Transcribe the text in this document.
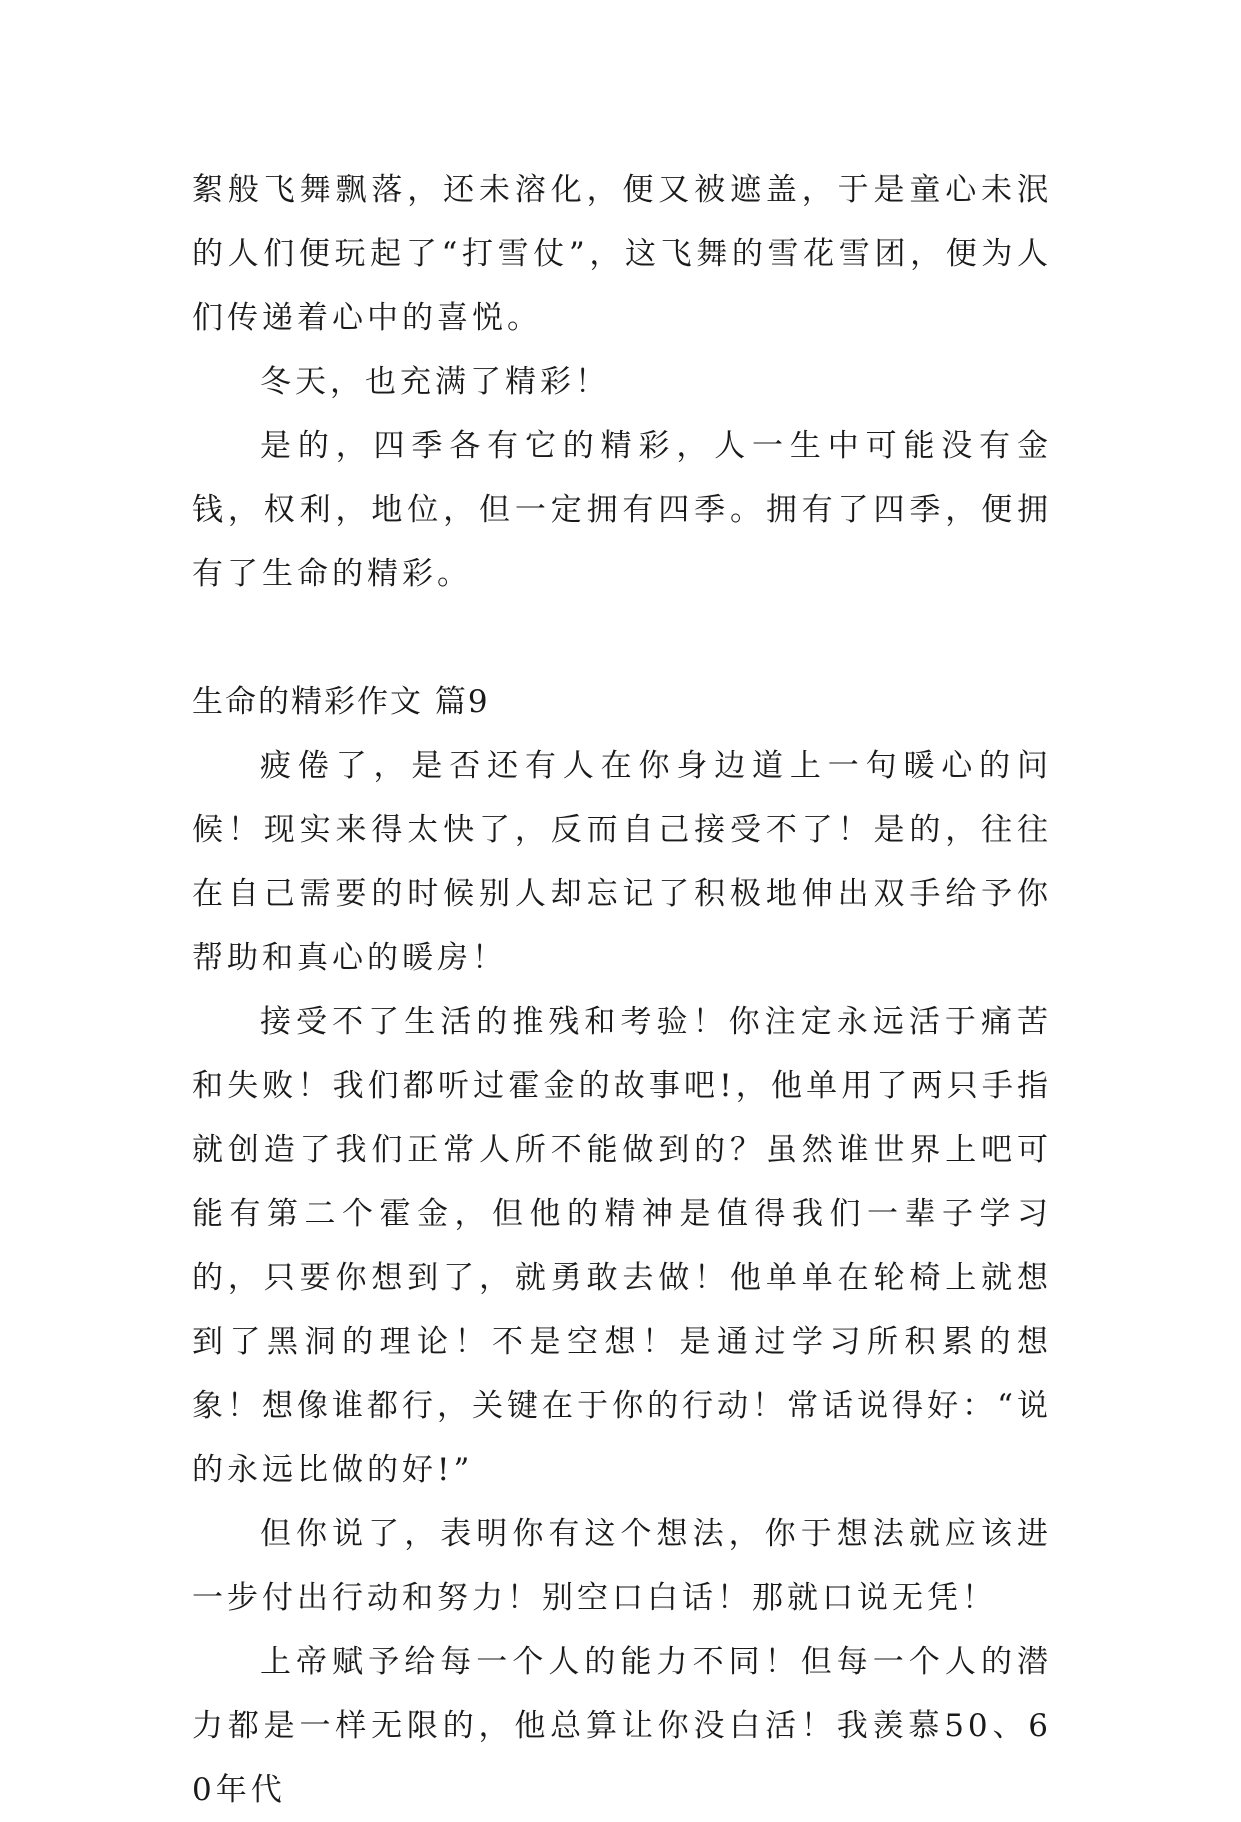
絮般飞舞飘落，还未溶化，便又被遮盖，于是童心未泯的人们便玩起了“打雪仗”，这飞舞的雪花雪团，便为人们传递着心中的喜悦。

冬天，也充满了精彩！

是的，四季各有它的精彩，人一生中可能没有金钱，权利，地位，但一定拥有四季。拥有了四季，便拥有了生命的精彩。

生命的精彩作文 篇9

疲倦了，是否还有人在你身边道上一句暖心的问候！现实来得太快了，反而自己接受不了！是的，往往在自己需要的时候别人却忘记了积极地伸出双手给予你帮助和真心的暖房！

接受不了生活的推残和考验！你注定永远活于痛苦和失败！我们都听过霍金的故事吧!，他单用了两只手指就创造了我们正常人所不能做到的？虽然谁世界上吧可能有第二个霍金，但他的精神是值得我们一辈子学习的，只要你想到了，就勇敢去做！他单单在轮椅上就想到了黑洞的理论！不是空想！是通过学习所积累的想象！想像谁都行，关键在于你的行动！常话说得好：“说的永远比做的好!”

但你说了，表明你有这个想法，你于想法就应该进一步付出行动和努力！别空口白话！那就口说无凭！

上帝赋予给每一个人的能力不同！但每一个人的潜力都是一样无限的，他总算让你没白活！我羡慕50、60年代
